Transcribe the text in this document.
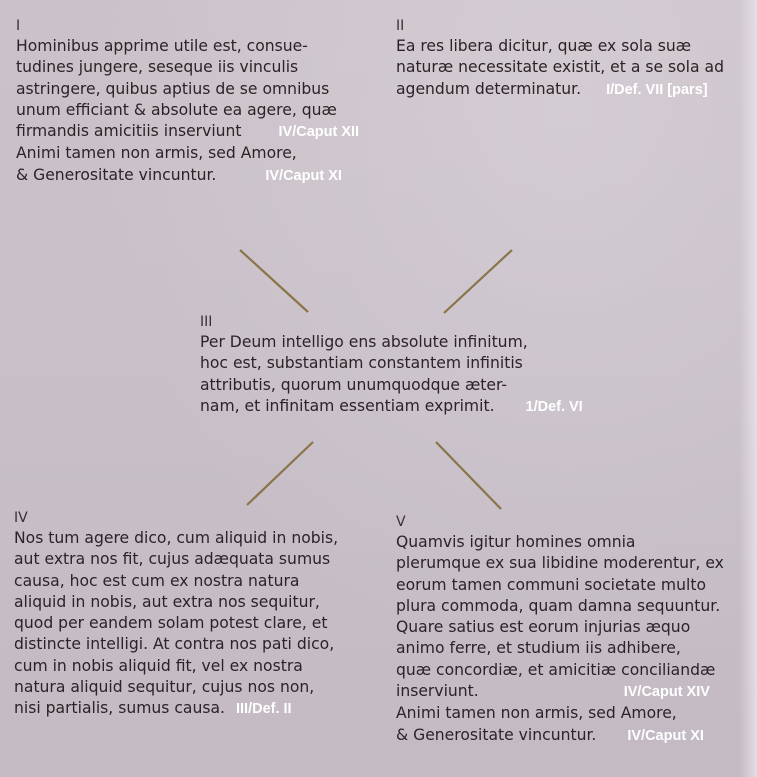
I
Hominibus apprime utile est, consue-
tudines jungere, seseque iis vinculis
astringere, quibus aptius de se omnibus
unum efficiant & absolute ea agere, quæ
firmandis amicitiis inserviunt	IV/Caput XII
Animi tamen non armis, sed Amore,
& Generositate vincuntur.	IV/Caput XI
II
Ea res libera dicitur, quæ ex sola suæ
naturæ necessitate existit, et a se sola ad
agendum determinatur. I/Def. VII [pars]
III
Per Deum intelligo ens absolute infinitum,
hoc est, substantiam constantem infinitis
attributis, quorum unumquodque æter-
nam, et infinitam essentiam exprimit. 1/Def. VI
IV
Nos tum agere dico, cum aliquid in nobis,
aut extra nos fit, cujus adæquata sumus
causa, hoc est cum ex nostra natura
aliquid in nobis, aut extra nos sequitur,
quod per eandem solam potest clare, et
distincte intelligi. At contra nos pati dico,
cum in nobis aliquid fit, vel ex nostra
natura aliquid sequitur, cujus nos non,
nisi partialis, sumus causa. III/Def. II
V
Quamvis igitur homines omnia
plerumque ex sua libidine moderentur, ex
eorum tamen communi societate multo
plura commoda, quam damna sequuntur.
Quare satius est eorum injurias æquo
animo ferre, et studium iis adhibere,
quæ concordiæ, et amicitiæ conciliandæ
inserviunt.	IV/Caput XIV
Animi tamen non armis, sed Amore,
& Generositate vincuntur. IV/Caput XI
